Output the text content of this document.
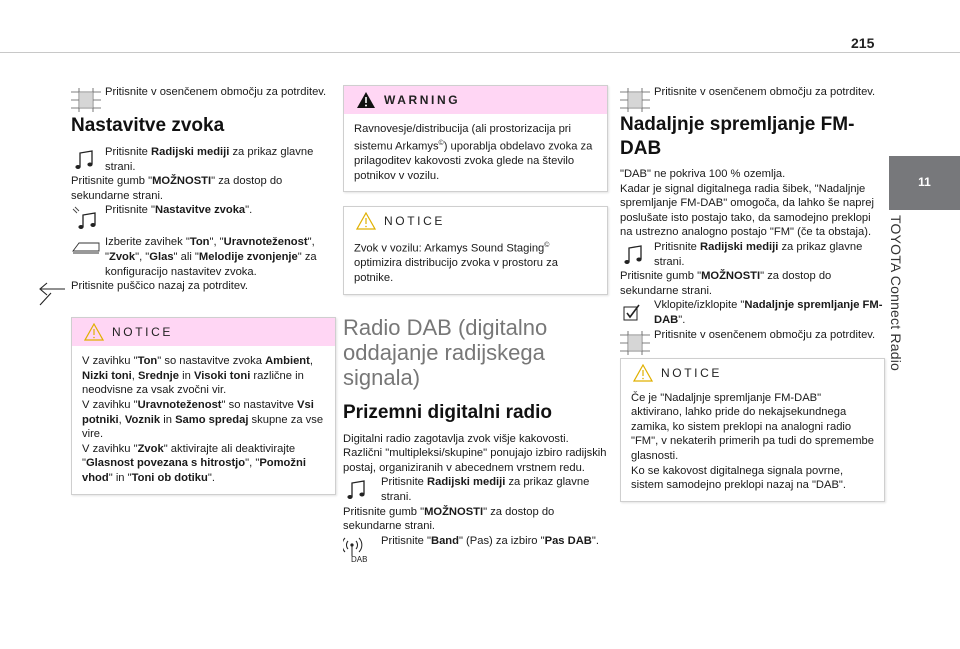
215
11
TOYOTA Connect Radio
Pritisnite v osenčenem območju za potrditev.
Nastavitve zvoka
Pritisnite Radijski mediji za prikaz glavne strani.
Pritisnite gumb "MOŽNOSTI" za dostop do sekundarne strani.
Pritisnite "Nastavitve zvoka".
Izberite zavihek "Ton", "Uravnoteženost", "Zvok", "Glas" ali "Melodije zvonjenje" za konfiguracijo nastavitev zvoka.
Pritisnite puščico nazaj za potrditev.
NOTICE
V zavihku "Ton" so nastavitve zvoka Ambient, Nizki toni, Srednje in Visoki toni različne in neodvisne za vsak zvočni vir.
V zavihku "Uravnoteženost" so nastavitve Vsi potniki, Voznik in Samo spredaj skupne za vse vire.
V zavihku "Zvok" aktivirajte ali deaktivirajte "Glasnost povezana s hitrostjo", "Pomožni vhod" in "Toni ob dotiku".
WARNING
Ravnovesje/distribucija (ali prostorizacija pri sistemu Arkamys©) uporablja obdelavo zvoka za prilagoditev kakovosti zvoka glede na število potnikov v vozilu.
NOTICE
Zvok v vozilu: Arkamys Sound Staging© optimizira distribucijo zvoka v prostoru za potnike.
Radio DAB (digitalno oddajanje radijskega signala)
Prizemni digitalni radio
Digitalni radio zagotavlja zvok višje kakovosti.
Različni "multipleksi/skupine" ponujajo izbiro radijskih postaj, organiziranih v abecednem vrstnem redu.
Pritisnite Radijski mediji za prikaz glavne strani.
Pritisnite gumb "MOŽNOSTI" za dostop do sekundarne strani.
DAB
Pritisnite "Band" (Pas) za izbiro "Pas DAB".
Pritisnite v osenčenem območju za potrditev.
Nadaljnje spremljanje FM-DAB
"DAB" ne pokriva 100 % ozemlja.
Kadar je signal digitalnega radia šibek, "Nadaljnje spremljanje FM-DAB" omogoča, da lahko še naprej poslušate isto postajo tako, da samodejno preklopi na ustrezno analogno postajo "FM" (če ta obstaja).
Pritisnite Radijski mediji za prikaz glavne strani.
Pritisnite gumb "MOŽNOSTI" za dostop do sekundarne strani.
Vklopite/izklopite "Nadaljnje spremljanje FM-DAB".
Pritisnite v osenčenem območju za potrditev.
NOTICE
Če je "Nadaljnje spremljanje FM-DAB" aktivirano, lahko pride do nekajsekundnega zamika, ko sistem preklopi na analogni radio "FM", v nekaterih primerih pa tudi do spremembe glasnosti.
Ko se kakovost digitalnega signala povrne, sistem samodejno preklopi nazaj na "DAB".
